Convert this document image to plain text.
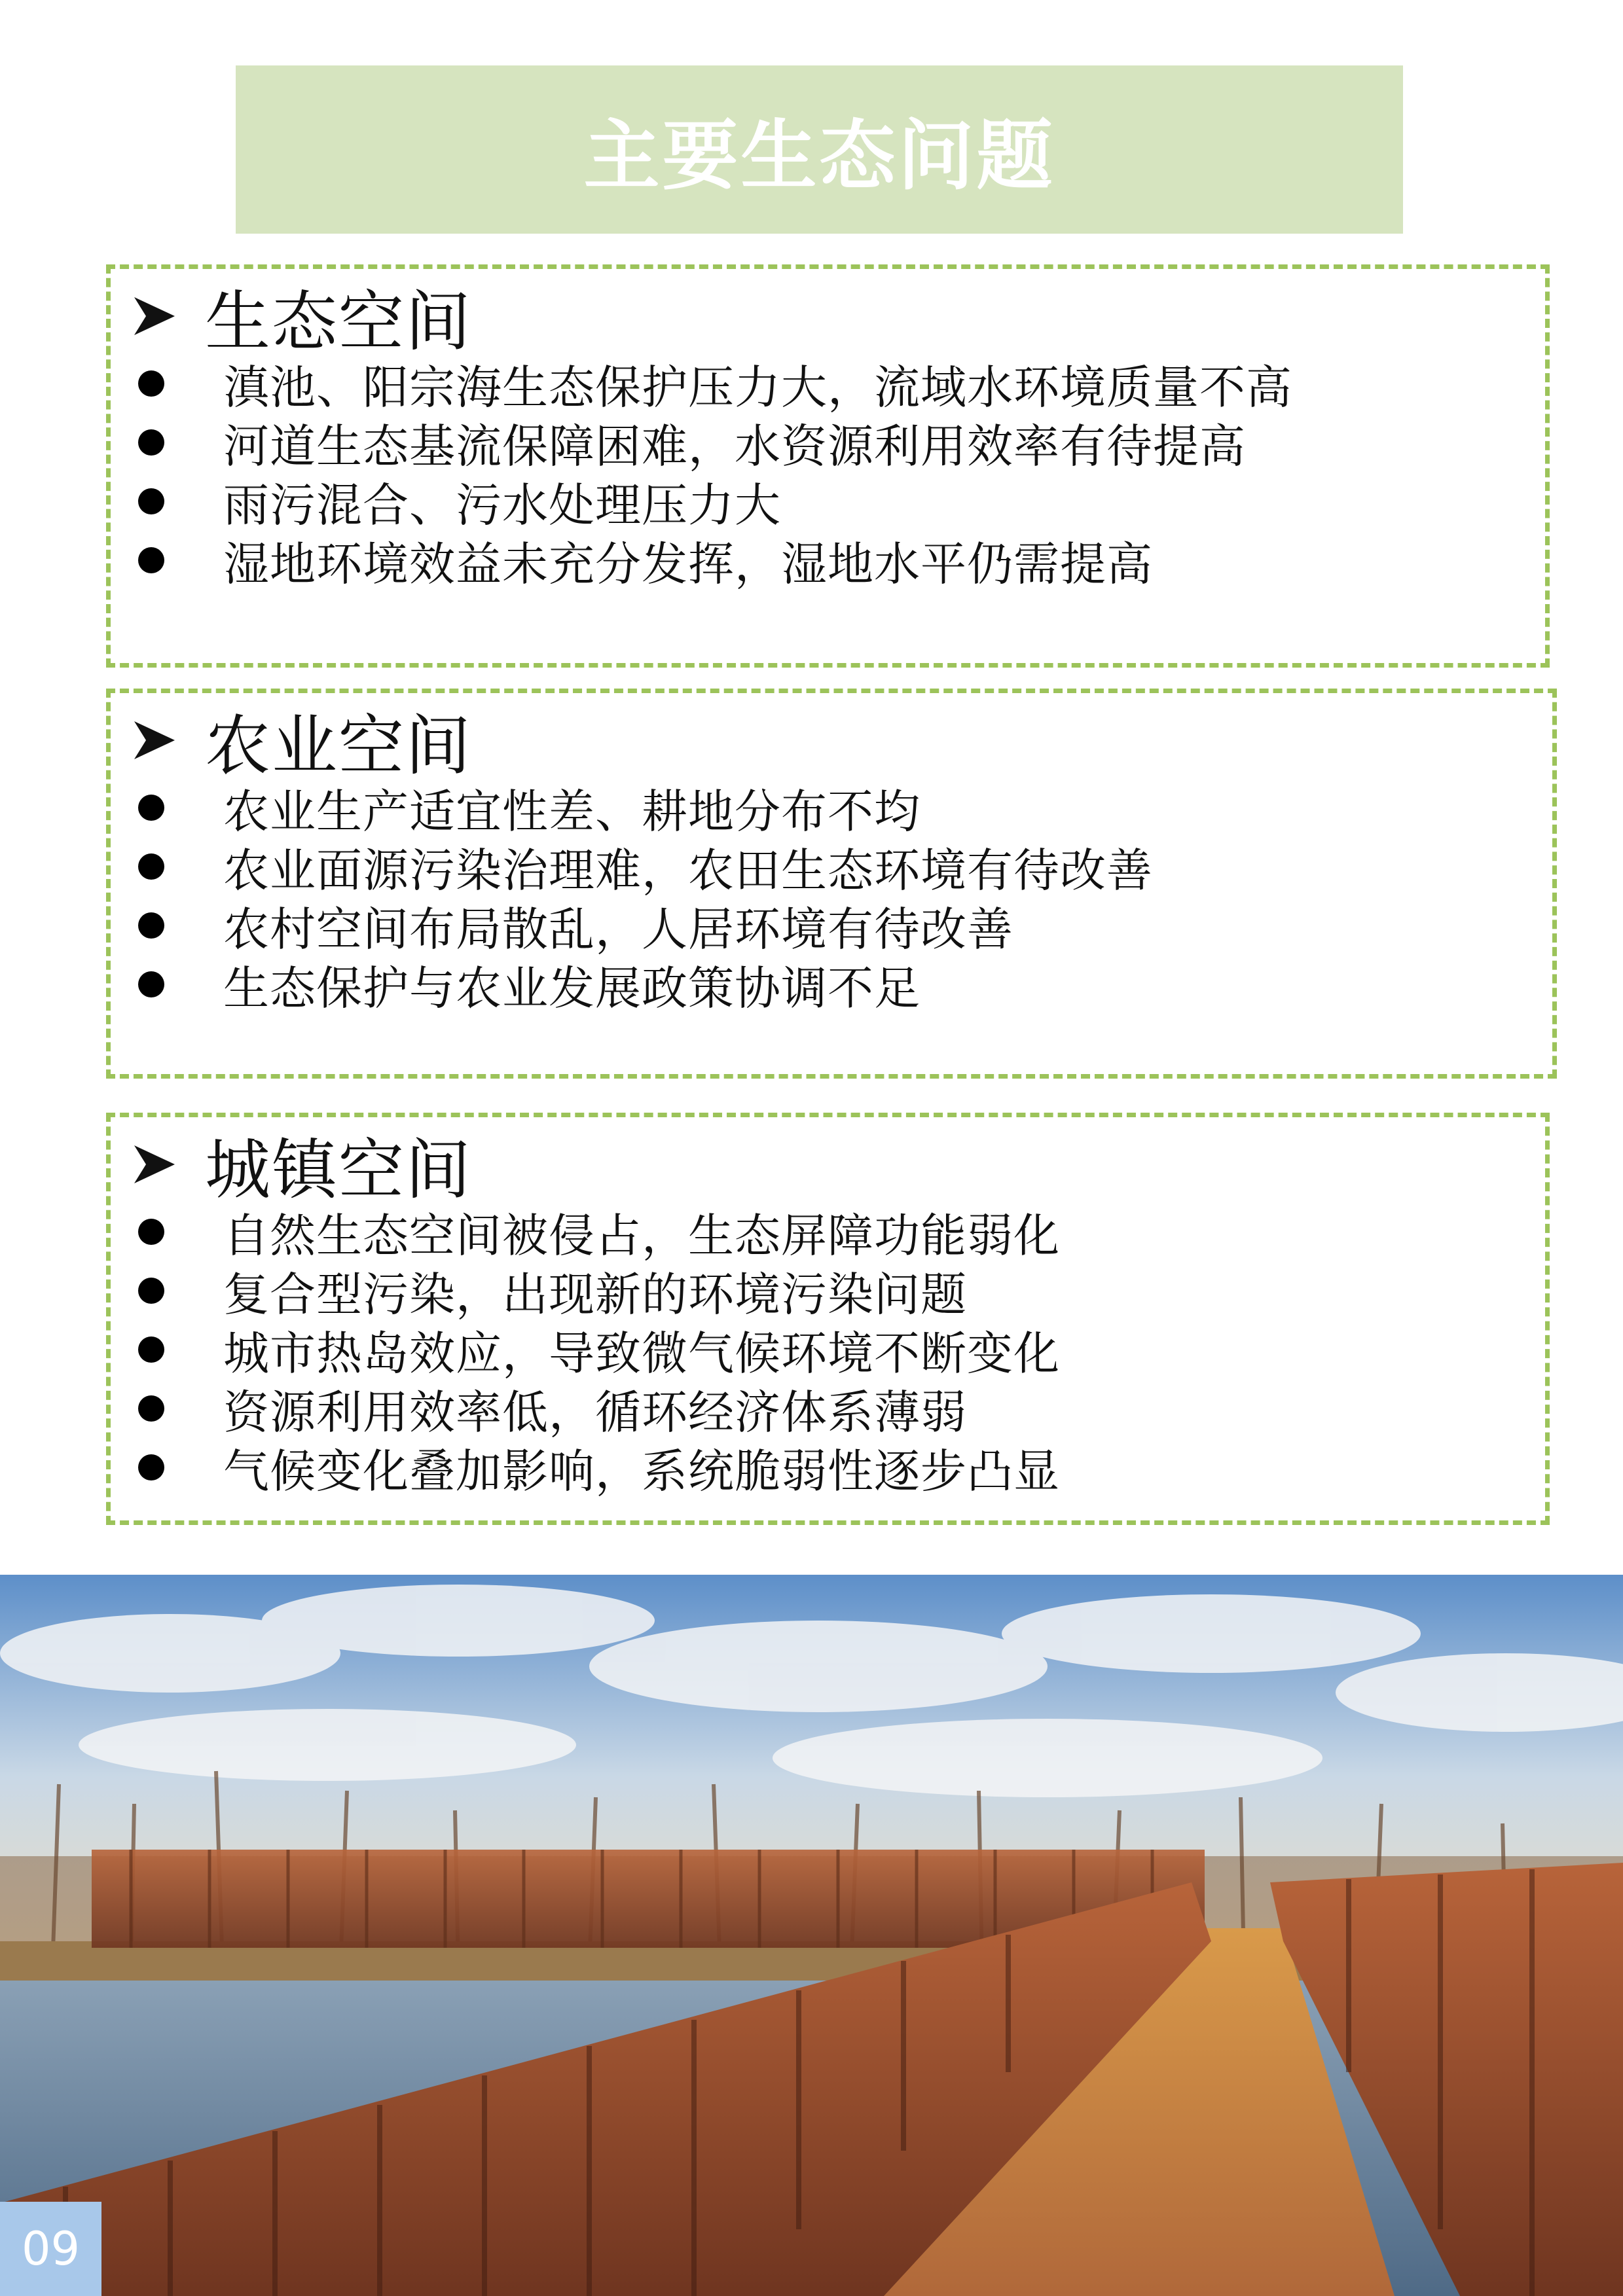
主要生态问题
生态空间
滇池、阳宗海生态保护压力大，流域水环境质量不高
河道生态基流保障困难，水资源利用效率有待提高
雨污混合、污水处理压力大
湿地环境效益未充分发挥，湿地水平仍需提高
农业空间
农业生产适宜性差、耕地分布不均
农业面源污染治理难，农田生态环境有待改善
农村空间布局散乱，人居环境有待改善
生态保护与农业发展政策协调不足
城镇空间
自然生态空间被侵占，生态屏障功能弱化
复合型污染，出现新的环境污染问题
城市热岛效应，导致微气候环境不断变化
资源利用效率低，循环经济体系薄弱
气候变化叠加影响，系统脆弱性逐步凸显
09
